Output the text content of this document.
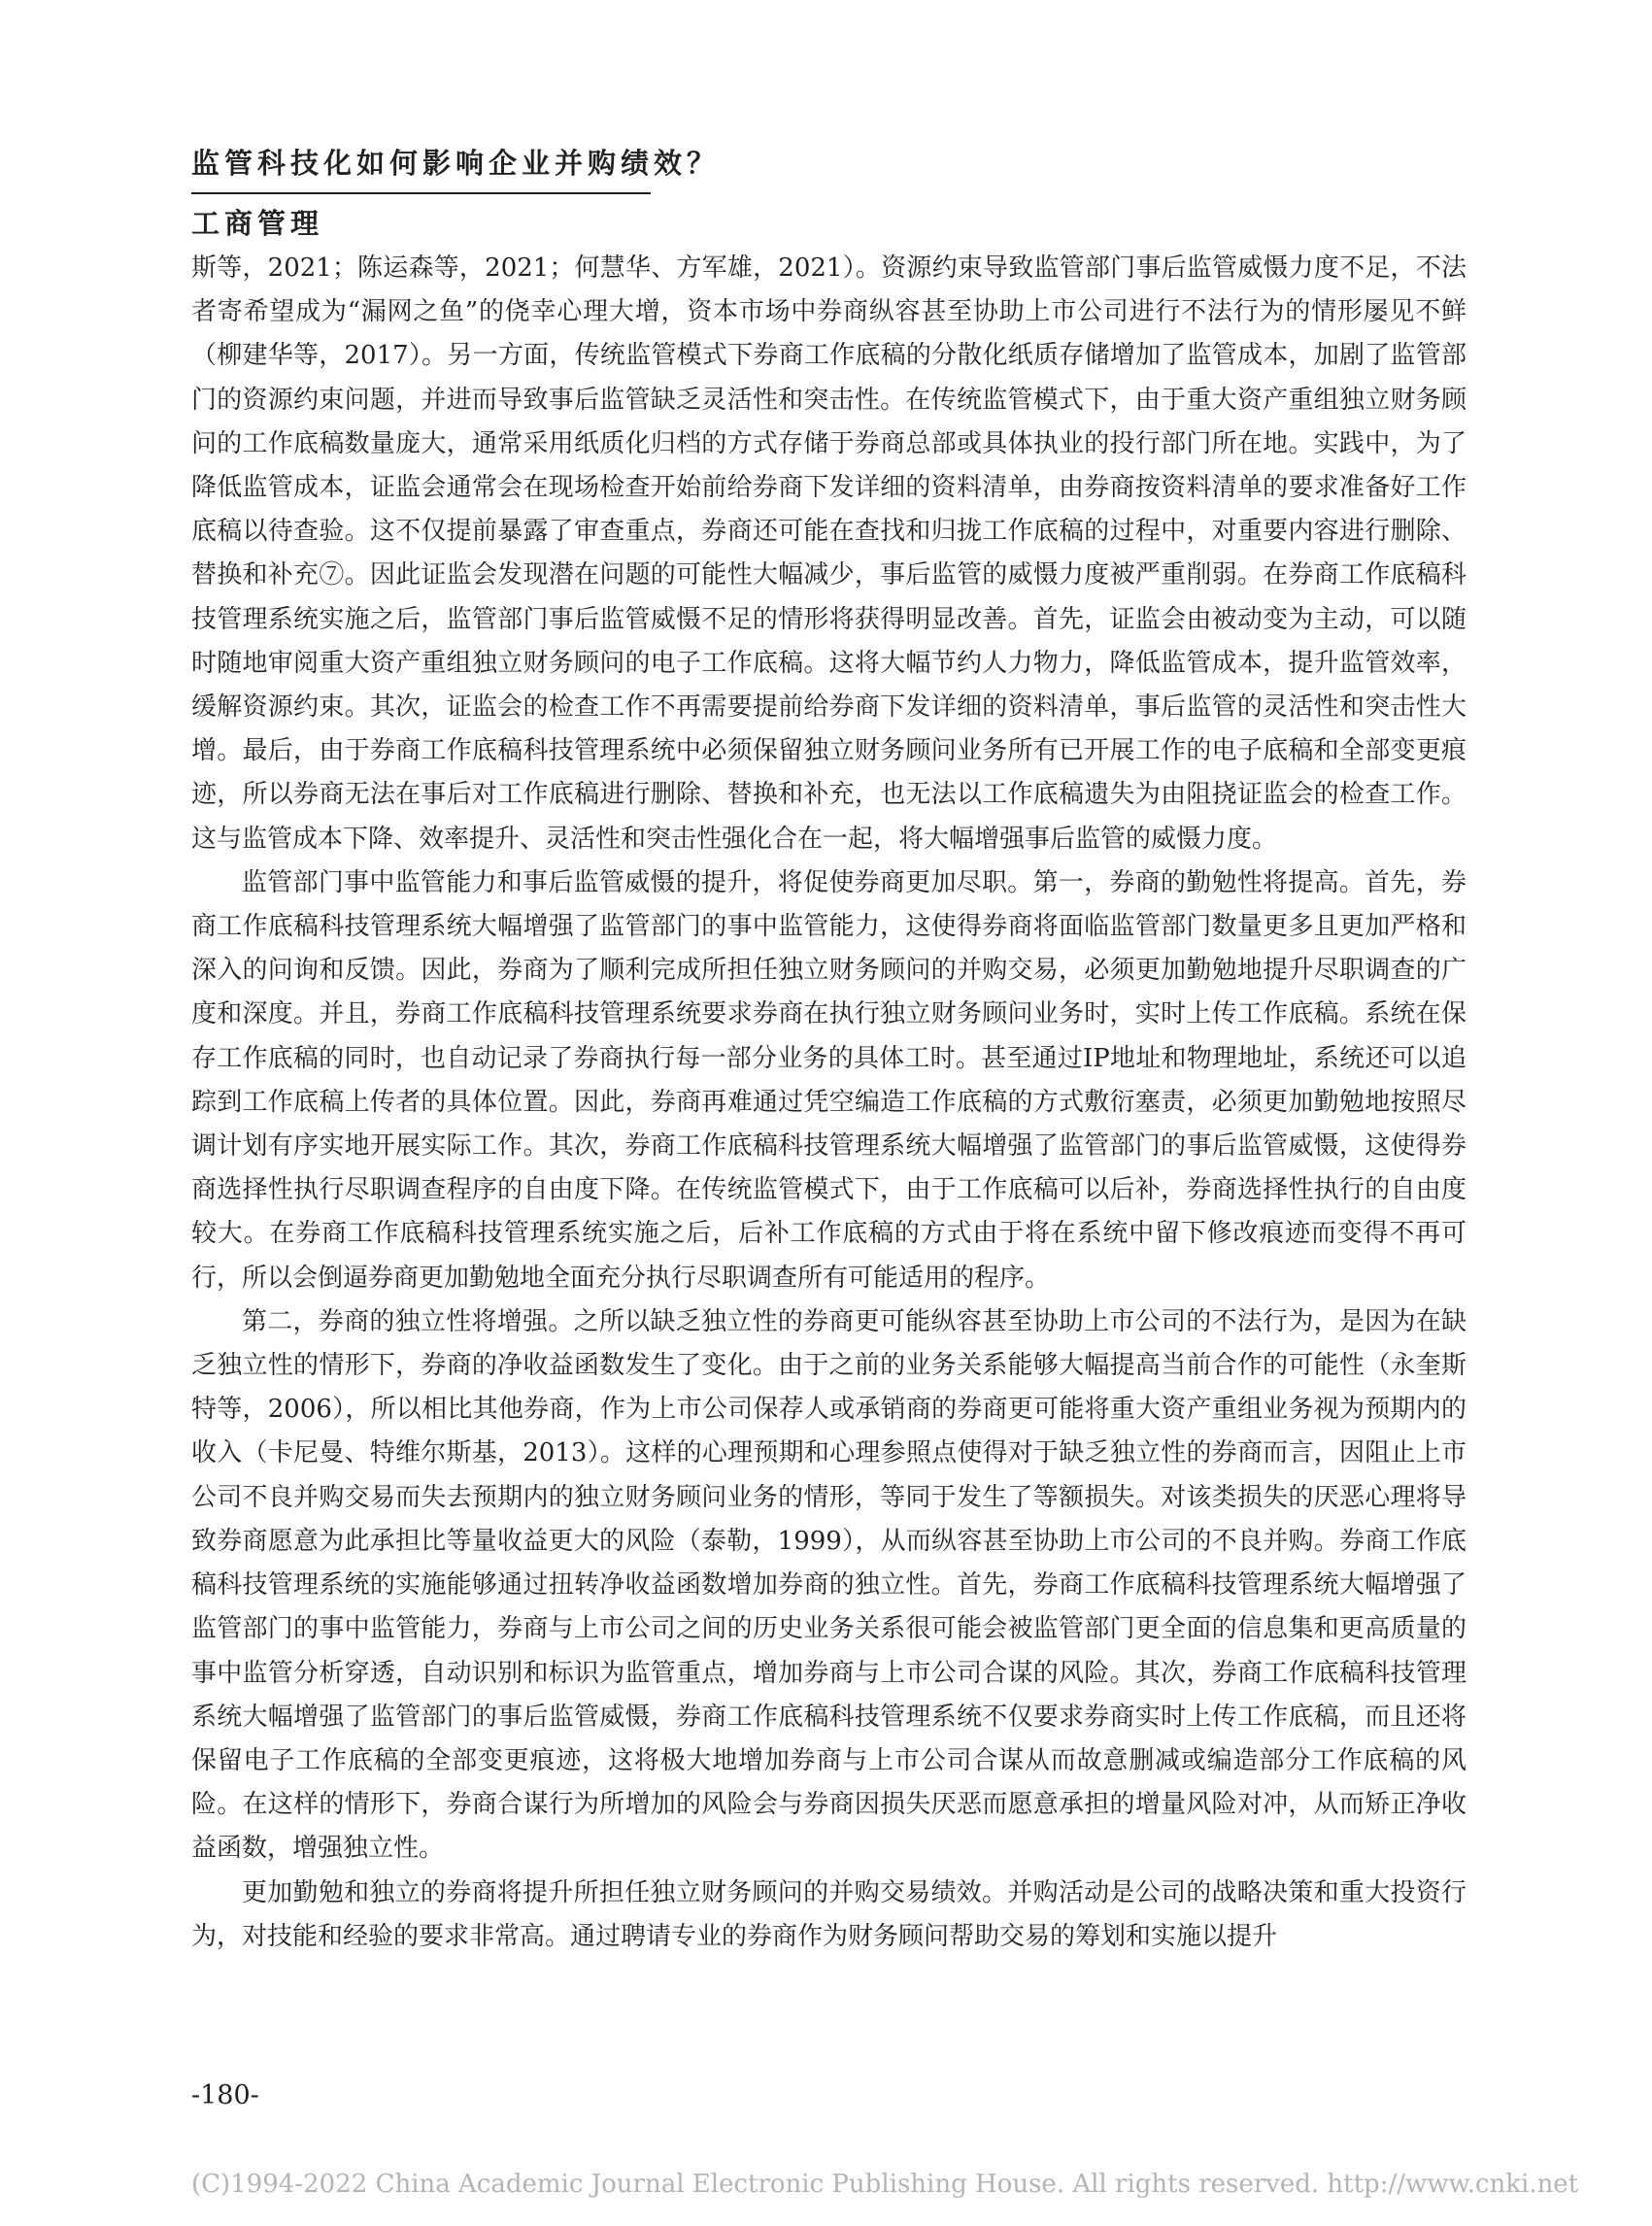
监管科技化如何影响企业并购绩效？
工商管理

斯等，2021；陈运森等，2021；何慧华、方军雄，2021）。资源约束导致监管部门事后监管威慑力度不足，不法者寄希望成为“漏网之鱼”的侥幸心理大增，资本市场中券商纵容甚至协助上市公司进行不法行为的情形屡见不鲜（柳建华等，2017）。另一方面，传统监管模式下券商工作底稿的分散化纸质存储增加了监管成本，加剧了监管部门的资源约束问题，并进而导致事后监管缺乏灵活性和突击性。在传统监管模式下，由于重大资产重组独立财务顾问的工作底稿数量庞大，通常采用纸质化归档的方式存储于券商总部或具体执业的投行部门所在地。实践中，为了降低监管成本，证监会通常会在现场检查开始前给券商下发详细的资料清单，由券商按资料清单的要求准备好工作底稿以待查验。这不仅提前暴露了审查重点，券商还可能在查找和归拢工作底稿的过程中，对重要内容进行删除、替换和补充⑦。因此证监会发现潜在问题的可能性大幅减少，事后监管的威慑力度被严重削弱。在券商工作底稿科技管理系统实施之后，监管部门事后监管威慑不足的情形将获得明显改善。首先，证监会由被动变为主动，可以随时随地审阅重大资产重组独立财务顾问的电子工作底稿。这将大幅节约人力物力，降低监管成本，提升监管效率，缓解资源约束。其次，证监会的检查工作不再需要提前给券商下发详细的资料清单，事后监管的灵活性和突击性大增。最后，由于券商工作底稿科技管理系统中必须保留独立财务顾问业务所有已开展工作的电子底稿和全部变更痕迹，所以券商无法在事后对工作底稿进行删除、替换和补充，也无法以工作底稿遗失为由阻挠证监会的检查工作。这与监管成本下降、效率提升、灵活性和突击性强化合在一起，将大幅增强事后监管的威慑力度。

监管部门事中监管能力和事后监管威慑的提升，将促使券商更加尽职。第一，券商的勤勉性将提高。首先，券商工作底稿科技管理系统大幅增强了监管部门的事中监管能力，这使得券商将面临监管部门数量更多且更加严格和深入的问询和反馈。因此，券商为了顺利完成所担任独立财务顾问的并购交易，必须更加勤勉地提升尽职调查的广度和深度。并且，券商工作底稿科技管理系统要求券商在执行独立财务顾问业务时，实时上传工作底稿。系统在保存工作底稿的同时，也自动记录了券商执行每一部分业务的具体工时。甚至通过IP地址和物理地址，系统还可以追踪到工作底稿上传者的具体位置。因此，券商再难通过凭空编造工作底稿的方式敷衍塞责，必须更加勤勉地按照尽调计划有序实地开展实际工作。其次，券商工作底稿科技管理系统大幅增强了监管部门的事后监管威慑，这使得券商选择性执行尽职调查程序的自由度下降。在传统监管模式下，由于工作底稿可以后补，券商选择性执行的自由度较大。在券商工作底稿科技管理系统实施之后，后补工作底稿的方式由于将在系统中留下修改痕迹而变得不再可行，所以会倒逼券商更加勤勉地全面充分执行尽职调查所有可能适用的程序。

第二，券商的独立性将增强。之所以缺乏独立性的券商更可能纵容甚至协助上市公司的不法行为，是因为在缺乏独立性的情形下，券商的净收益函数发生了变化。由于之前的业务关系能够大幅提高当前合作的可能性（永奎斯特等，2006），所以相比其他券商，作为上市公司保荐人或承销商的券商更可能将重大资产重组业务视为预期内的收入（卡尼曼、特维尔斯基，2013）。这样的心理预期和心理参照点使得对于缺乏独立性的券商而言，因阻止上市公司不良并购交易而失去预期内的独立财务顾问业务的情形，等同于发生了等额损失。对该类损失的厌恶心理将导致券商愿意为此承担比等量收益更大的风险（泰勒，1999），从而纵容甚至协助上市公司的不良并购。券商工作底稿科技管理系统的实施能够通过扭转净收益函数增加券商的独立性。首先，券商工作底稿科技管理系统大幅增强了监管部门的事中监管能力，券商与上市公司之间的历史业务关系很可能会被监管部门更全面的信息集和更高质量的事中监管分析穿透，自动识别和标识为监管重点，增加券商与上市公司合谋的风险。其次，券商工作底稿科技管理系统大幅增强了监管部门的事后监管威慑，券商工作底稿科技管理系统不仅要求券商实时上传工作底稿，而且还将保留电子工作底稿的全部变更痕迹，这将极大地增加券商与上市公司合谋从而故意删减或编造部分工作底稿的风险。在这样的情形下，券商合谋行为所增加的风险会与券商因损失厌恶而愿意承担的增量风险对冲，从而矫正净收益函数，增强独立性。

更加勤勉和独立的券商将提升所担任独立财务顾问的并购交易绩效。并购活动是公司的战略决策和重大投资行为，对技能和经验的要求非常高。通过聘请专业的券商作为财务顾问帮助交易的筹划和实施以提升

-180-
(C)1994-2022 China Academic Journal Electronic Publishing House. All rights reserved. http://www.cnki.net
